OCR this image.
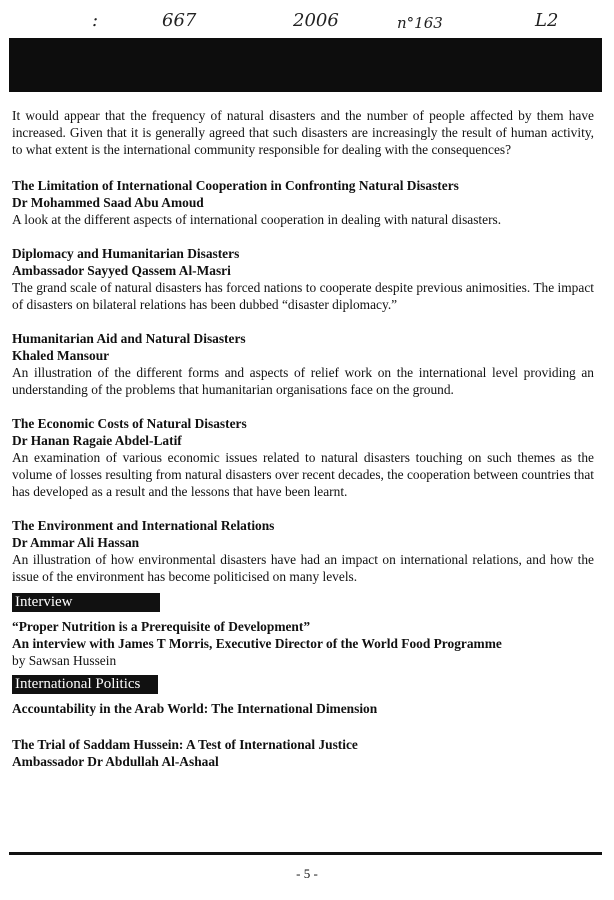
:	667	2006	n°163	L2

It would appear that the frequency of natural disasters and the number of people affected by them have increased. Given that it is generally agreed that such disasters are increasingly the result of human activity, to what extent is the international community responsible for dealing with the consequences?

The Limitation of International Cooperation in Confronting Natural Disasters

Dr Mohammed Saad Abu Amoud

A look at the different aspects of international cooperation in dealing with natural disasters.

Diplomacy and Humanitarian Disasters

Ambassador Sayyed Qassem Al-Masri

The grand scale of natural disasters has forced nations to cooperate despite previous animosities. The impact of disasters on bilateral relations has been dubbed “disaster diplomacy.”

Humanitarian Aid and Natural Disasters

Khaled Mansour

An illustration of the different forms and aspects of relief work on the international level providing an understanding of the problems that humanitarian organisations face on the ground.

The Economic Costs of Natural Disasters

Dr Hanan Ragaie Abdel-Latif

An examination of various economic issues related to natural disasters touching on such themes as the volume of losses resulting from natural disasters over recent decades, the cooperation between countries that has developed as a result and the lessons that have been learnt.

The Environment and International Relations

Dr Ammar Ali Hassan

An illustration of how environmental disasters have had an impact on international relations, and how the issue of the environment has become politicised on many levels.

Interview

“Proper Nutrition is a Prerequisite of Development”

An interview with James T Morris, Executive Director of the World Food Programme

by Sawsan Hussein

International Politics

Accountability in the Arab World: The International Dimension

The Trial of Saddam Hussein: A Test of International Justice

Ambassador Dr Abdullah Al-Ashaal

- 5 -
